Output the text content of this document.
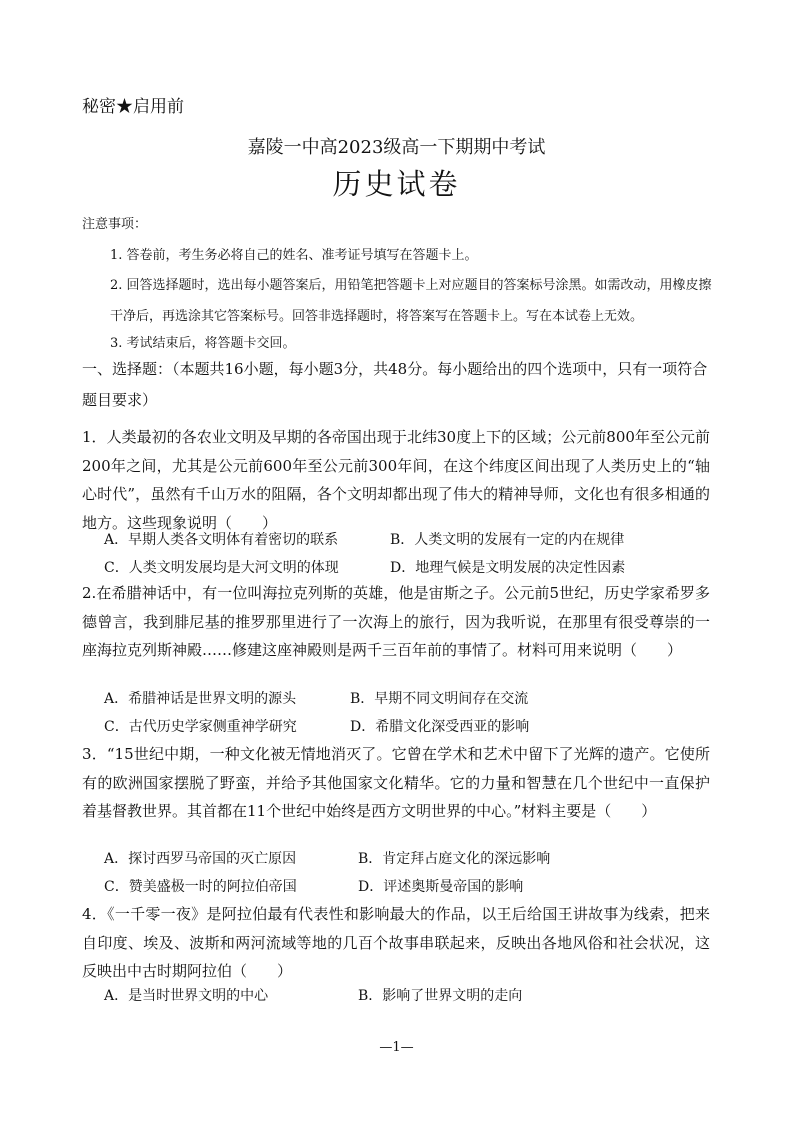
秘密★启用前
嘉陵一中高2023级高一下期期中考试
历史试卷
注意事项：
1. 答卷前，考生务必将自己的姓名、准考证号填写在答题卡上。
2. 回答选择题时，选出每小题答案后，用铅笔把答题卡上对应题目的答案标号涂黑。如需改动，用橡皮擦干净后，再选涂其它答案标号。回答非选择题时，将答案写在答题卡上。写在本试卷上无效。
3. 考试结束后，将答题卡交回。
一、选择题：（本题共16小题，每小题3分，共48分。每小题给出的四个选项中，只有一项符合题目要求）
1．人类最初的各农业文明及早期的各帝国出现于北纬30度上下的区域；公元前800年至公元前200年之间，尤其是公元前600年至公元前300年间，在这个纬度区间出现了人类历史上的“轴心时代”，虽然有千山万水的阻隔，各个文明却都出现了伟大的精神导师，文化也有很多相通的地方。这些现象说明（　　）
A．早期人类各文明体有着密切的联系	B．人类文明的发展有一定的内在规律
C．人类文明发展均是大河文明的体现	D．地理气候是文明发展的决定性因素
2.在希腊神话中，有一位叫海拉克列斯的英雄，他是宙斯之子。公元前5世纪，历史学家希罗多德曾言，我到腓尼基的推罗那里进行了一次海上的旅行，因为我听说，在那里有很受尊崇的一座海拉克列斯神殿……修建这座神殿则是两千三百年前的事情了。材料可用来说明（　　）
A．希腊神话是世界文明的源头	B．早期不同文明间存在交流
C．古代历史学家侧重神学研究	D．希腊文化深受西亚的影响
3．“15世纪中期，一种文化被无情地消灭了。它曾在学术和艺术中留下了光辉的遗产。它使所有的欧洲国家摆脱了野蛮，并给予其他国家文化精华。它的力量和智慧在几个世纪中一直保护着基督教世界。其首都在11个世纪中始终是西方文明世界的中心。”材料主要是（　　）
A．探讨西罗马帝国的灭亡原因	B．肯定拜占庭文化的深远影响
C．赞美盛极一时的阿拉伯帝国	D．评述奥斯曼帝国的影响
4．《一千零一夜》是阿拉伯最有代表性和影响最大的作品，以王后给国王讲故事为线索，把来自印度、埃及、波斯和两河流域等地的几百个故事串联起来，反映出各地风俗和社会状况，这反映出中古时期阿拉伯（　　）
A．是当时世界文明的中心	B．影响了世界文明的走向
—1—
